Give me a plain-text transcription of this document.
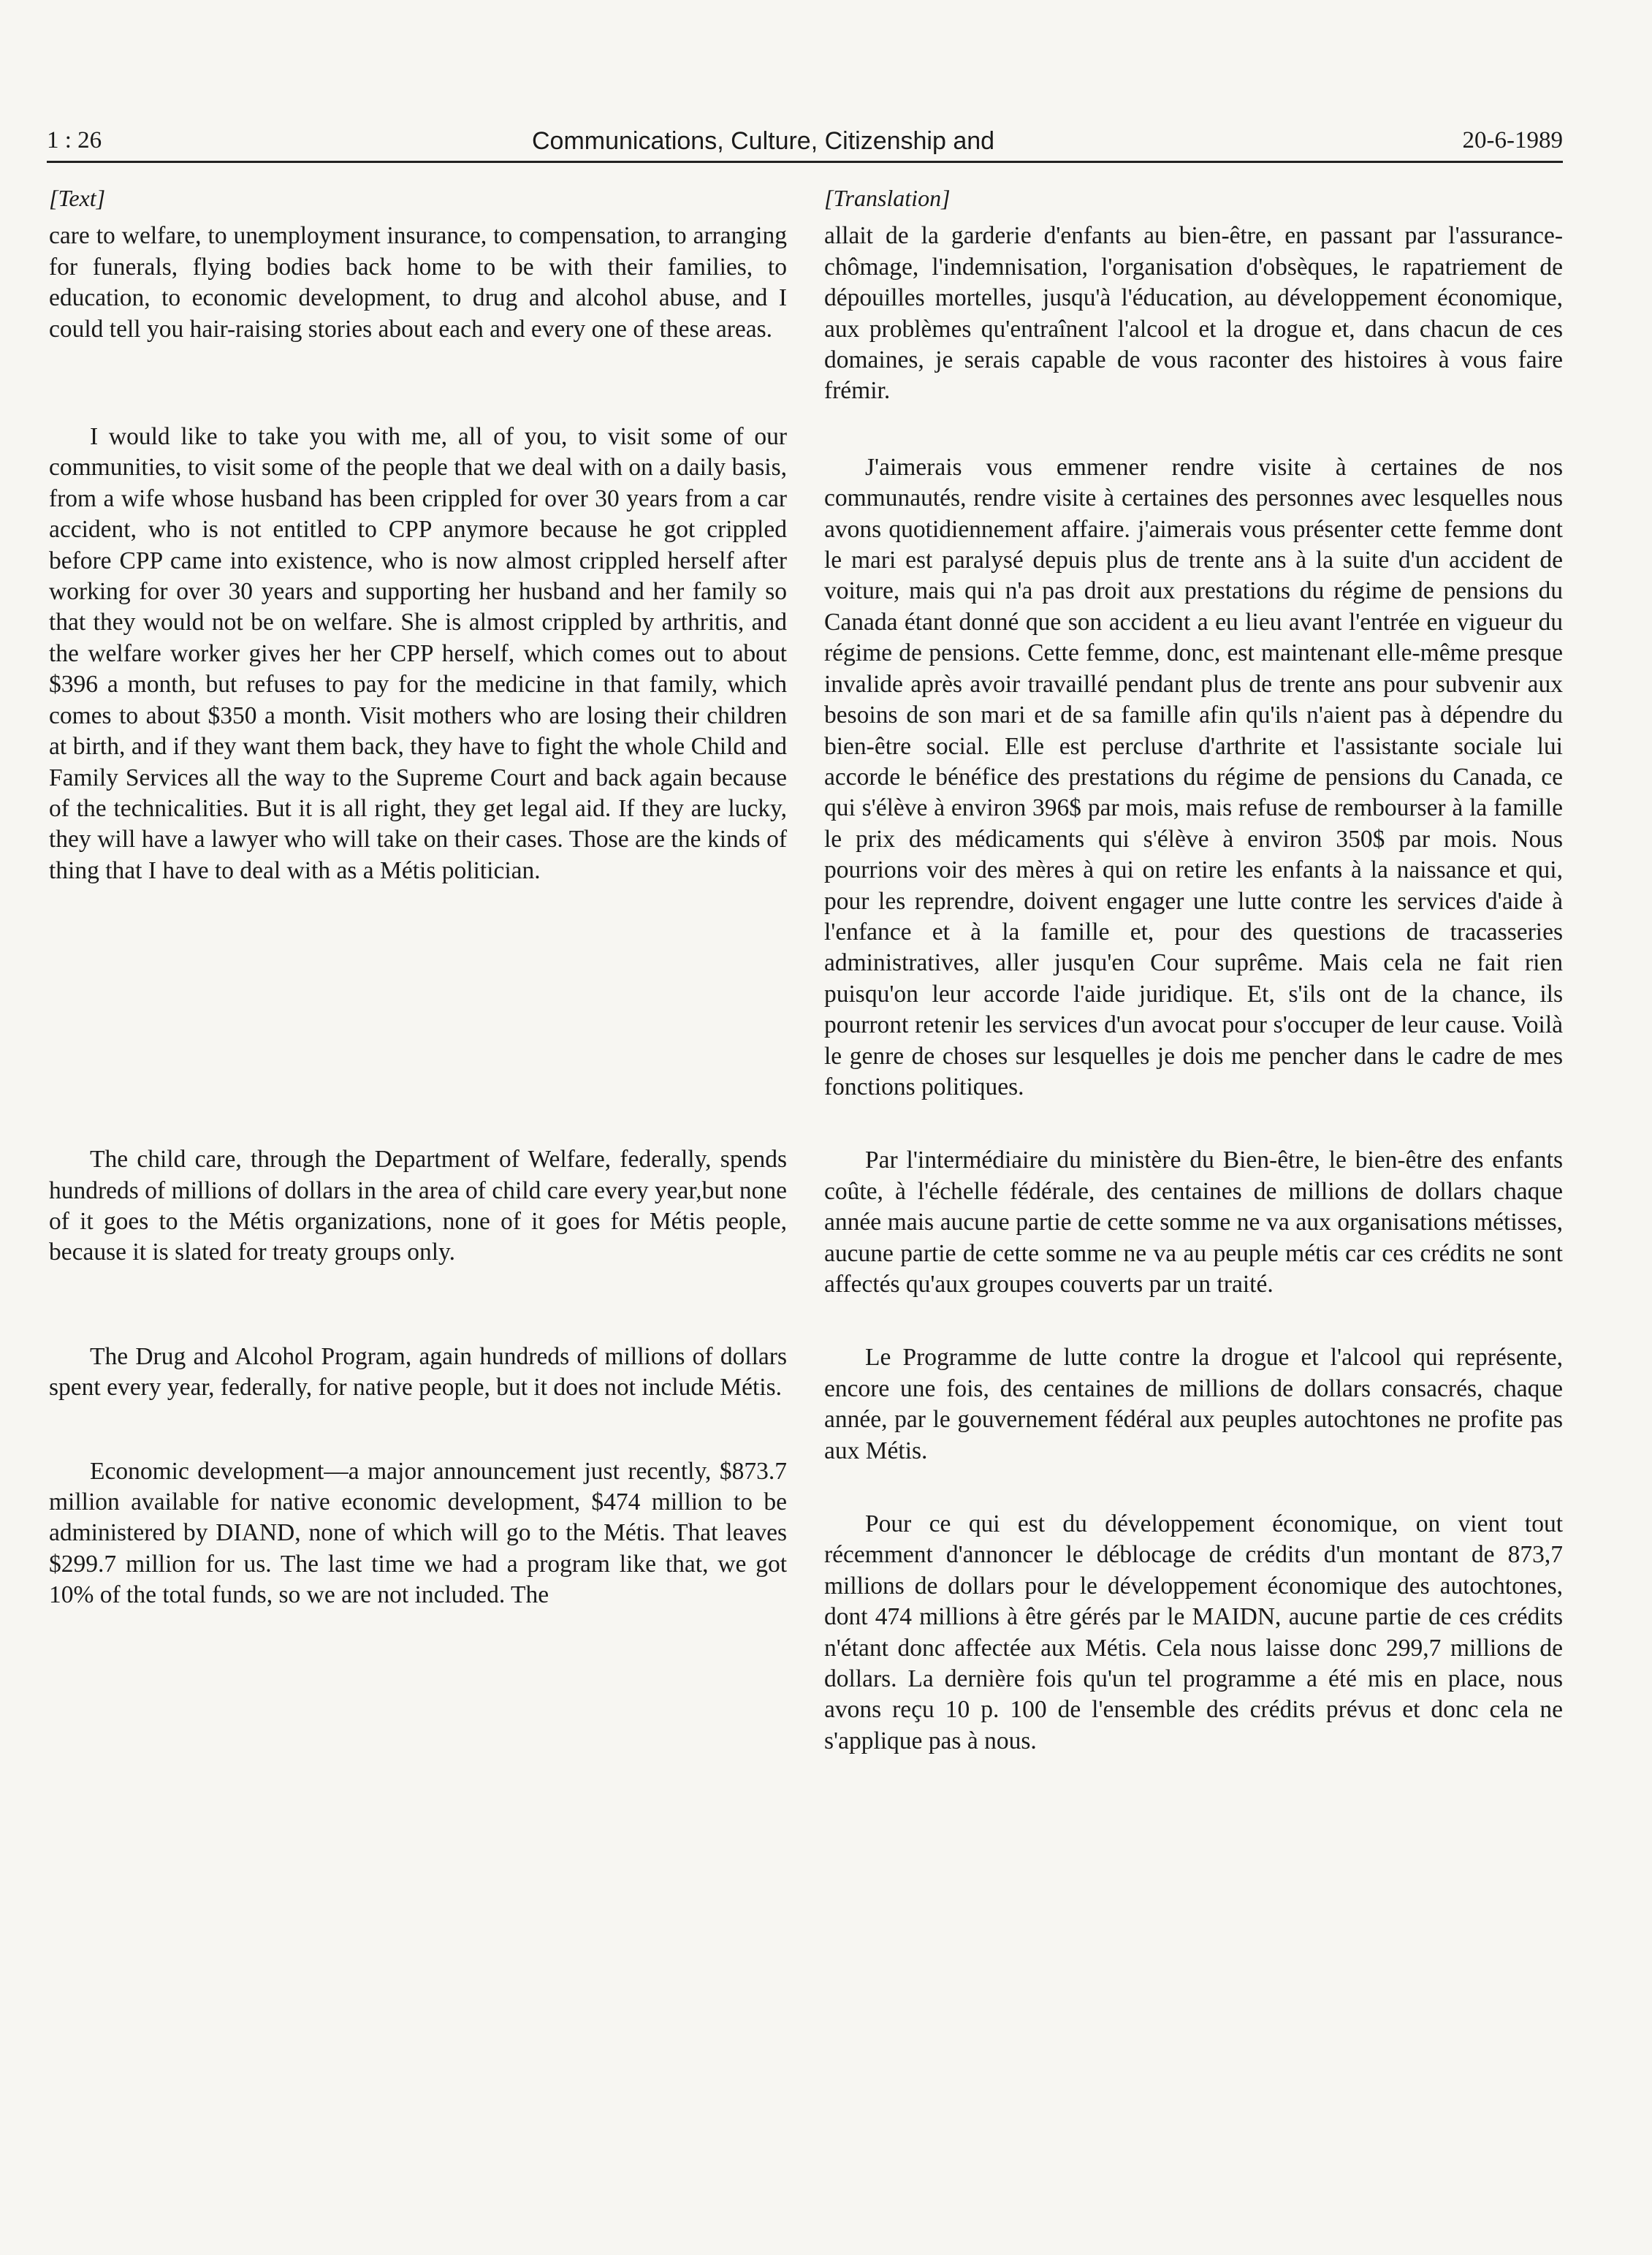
1 : 26	Communications, Culture, Citizenship and	20-6-1989
[Text]

care to welfare, to unemployment insurance, to compensation, to arranging for funerals, flying bodies back home to be with their families, to education, to economic development, to drug and alcohol abuse, and I could tell you hair-raising stories about each and every one of these areas.

I would like to take you with me, all of you, to visit some of our communities, to visit some of the people that we deal with on a daily basis, from a wife whose husband has been crippled for over 30 years from a car accident, who is not entitled to CPP anymore because he got crippled before CPP came into existence, who is now almost crippled herself after working for over 30 years and supporting her husband and her family so that they would not be on welfare. She is almost crippled by arthritis, and the welfare worker gives her her CPP herself, which comes out to about $396 a month, but refuses to pay for the medicine in that family, which comes to about $350 a month. Visit mothers who are losing their children at birth, and if they want them back, they have to fight the whole Child and Family Services all the way to the Supreme Court and back again because of the technicalities. But it is all right, they get legal aid. If they are lucky, they will have a lawyer who will take on their cases. Those are the kinds of thing that I have to deal with as a Métis politician.

The child care, through the Department of Welfare, federally, spends hundreds of millions of dollars in the area of child care every year,but none of it goes to the Métis organizations, none of it goes for Métis people, because it is slated for treaty groups only.

The Drug and Alcohol Program, again hundreds of millions of dollars spent every year, federally, for native people, but it does not include Métis.

Economic development—a major announcement just recently, $873.7 million available for native economic development, $474 million to be administered by DIAND, none of which will go to the Métis. That leaves $299.7 million for us. The last time we had a program like that, we got 10% of the total funds, so we are not included. The

[Translation]

allait de la garderie d'enfants au bien-être, en passant par l'assurance-chômage, l'indemnisation, l'organisation d'obsèques, le rapatriement de dépouilles mortelles, jusqu'à l'éducation, au développement économique, aux problèmes qu'entraînent l'alcool et la drogue et, dans chacun de ces domaines, je serais capable de vous raconter des histoires à vous faire frémir.

J'aimerais vous emmener rendre visite à certaines de nos communautés, rendre visite à certaines des personnes avec lesquelles nous avons quotidiennement affaire. j'aimerais vous présenter cette femme dont le mari est paralysé depuis plus de trente ans à la suite d'un accident de voiture, mais qui n'a pas droit aux prestations du régime de pensions du Canada étant donné que son accident a eu lieu avant l'entrée en vigueur du régime de pensions. Cette femme, donc, est maintenant elle-même presque invalide après avoir travaillé pendant plus de trente ans pour subvenir aux besoins de son mari et de sa famille afin qu'ils n'aient pas à dépendre du bien-être social. Elle est percluse d'arthrite et l'assistante sociale lui accorde le bénéfice des prestations du régime de pensions du Canada, ce qui s'élève à environ 396$ par mois, mais refuse de rembourser à la famille le prix des médicaments qui s'élève à environ 350$ par mois. Nous pourrions voir des mères à qui on retire les enfants à la naissance et qui, pour les reprendre, doivent engager une lutte contre les services d'aide à l'enfance et à la famille et, pour des questions de tracasseries administratives, aller jusqu'en Cour suprême. Mais cela ne fait rien puisqu'on leur accorde l'aide juridique. Et, s'ils ont de la chance, ils pourront retenir les services d'un avocat pour s'occuper de leur cause. Voilà le genre de choses sur lesquelles je dois me pencher dans le cadre de mes fonctions politiques.

Par l'intermédiaire du ministère du Bien-être, le bien-être des enfants coûte, à l'échelle fédérale, des centaines de millions de dollars chaque année mais aucune partie de cette somme ne va aux organisations métisses, aucune partie de cette somme ne va au peuple métis car ces crédits ne sont affectés qu'aux groupes couverts par un traité.

Le Programme de lutte contre la drogue et l'alcool qui représente, encore une fois, des centaines de millions de dollars consacrés, chaque année, par le gouvernement fédéral aux peuples autochtones ne profite pas aux Métis.

Pour ce qui est du développement économique, on vient tout récemment d'annoncer le déblocage de crédits d'un montant de 873,7 millions de dollars pour le développement économique des autochtones, dont 474 millions à être gérés par le MAIDN, aucune partie de ces crédits n'étant donc affectée aux Métis. Cela nous laisse donc 299,7 millions de dollars. La dernière fois qu'un tel programme a été mis en place, nous avons reçu 10 p. 100 de l'ensemble des crédits prévus et donc cela ne s'applique pas à nous.
